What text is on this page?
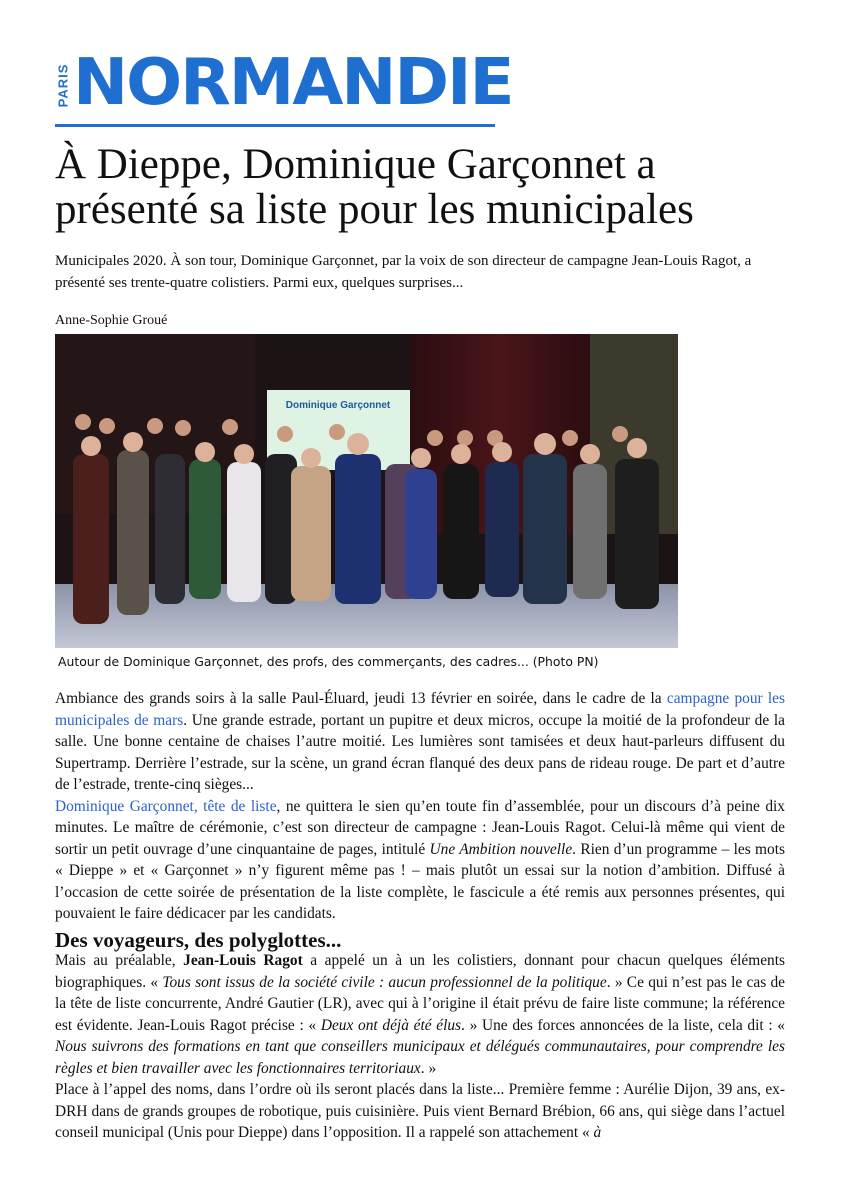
PARIS NORMANDIE
À Dieppe, Dominique Garçonnet a présenté sa liste pour les municipales

Municipales 2020. À son tour, Dominique Garçonnet, par la voix de son directeur de campagne Jean-Louis Ragot, a présenté ses trente-quatre colistiers. Parmi eux, quelques surprises...

Anne-Sophie Groué

Dominique Garçonnet
Autour de Dominique Garçonnet, des profs, des commerçants, des cadres... (Photo PN)

Ambiance des grands soirs à la salle Paul-Éluard, jeudi 13 février en soirée, dans le cadre de la campagne pour les municipales de mars. Une grande estrade, portant un pupitre et deux micros, occupe la moitié de la profondeur de la salle. Une bonne centaine de chaises l’autre moitié. Les lumières sont tamisées et deux haut-parleurs diffusent du Supertramp. Derrière l’estrade, sur la scène, un grand écran flanqué des deux pans de rideau rouge. De part et d’autre de l’estrade, trente-cinq sièges...

Dominique Garçonnet, tête de liste, ne quittera le sien qu’en toute fin d’assemblée, pour un discours d’à peine dix minutes. Le maître de cérémonie, c’est son directeur de campagne : Jean-Louis Ragot. Celui-là même qui vient de sortir un petit ouvrage d’une cinquantaine de pages, intitulé Une Ambition nouvelle. Rien d’un programme – les mots « Dieppe » et « Garçonnet » n’y figurent même pas ! – mais plutôt un essai sur la notion d’ambition. Diffusé à l’occasion de cette soirée de présentation de la liste complète, le fascicule a été remis aux personnes présentes, qui pouvaient le faire dédicacer par les candidats.

Des voyageurs, des polyglottes...

Mais au préalable, Jean-Louis Ragot a appelé un à un les colistiers, donnant pour chacun quelques éléments biographiques. « Tous sont issus de la société civile : aucun professionnel de la politique. » Ce qui n’est pas le cas de la tête de liste concurrente, André Gautier (LR), avec qui à l’origine il était prévu de faire liste commune; la référence est évidente. Jean-Louis Ragot précise : « Deux ont déjà été élus. » Une des forces annoncées de la liste, cela dit : « Nous suivrons des formations en tant que conseillers municipaux et délégués communautaires, pour comprendre les règles et bien travailler avec les fonctionnaires territoriaux. »

Place à l’appel des noms, dans l’ordre où ils seront placés dans la liste... Première femme : Aurélie Dijon, 39 ans, ex-DRH dans de grands groupes de robotique, puis cuisinière. Puis vient Bernard Brébion, 66 ans, qui siège dans l’actuel conseil municipal (Unis pour Dieppe) dans l’opposition. Il a rappelé son attachement « à
